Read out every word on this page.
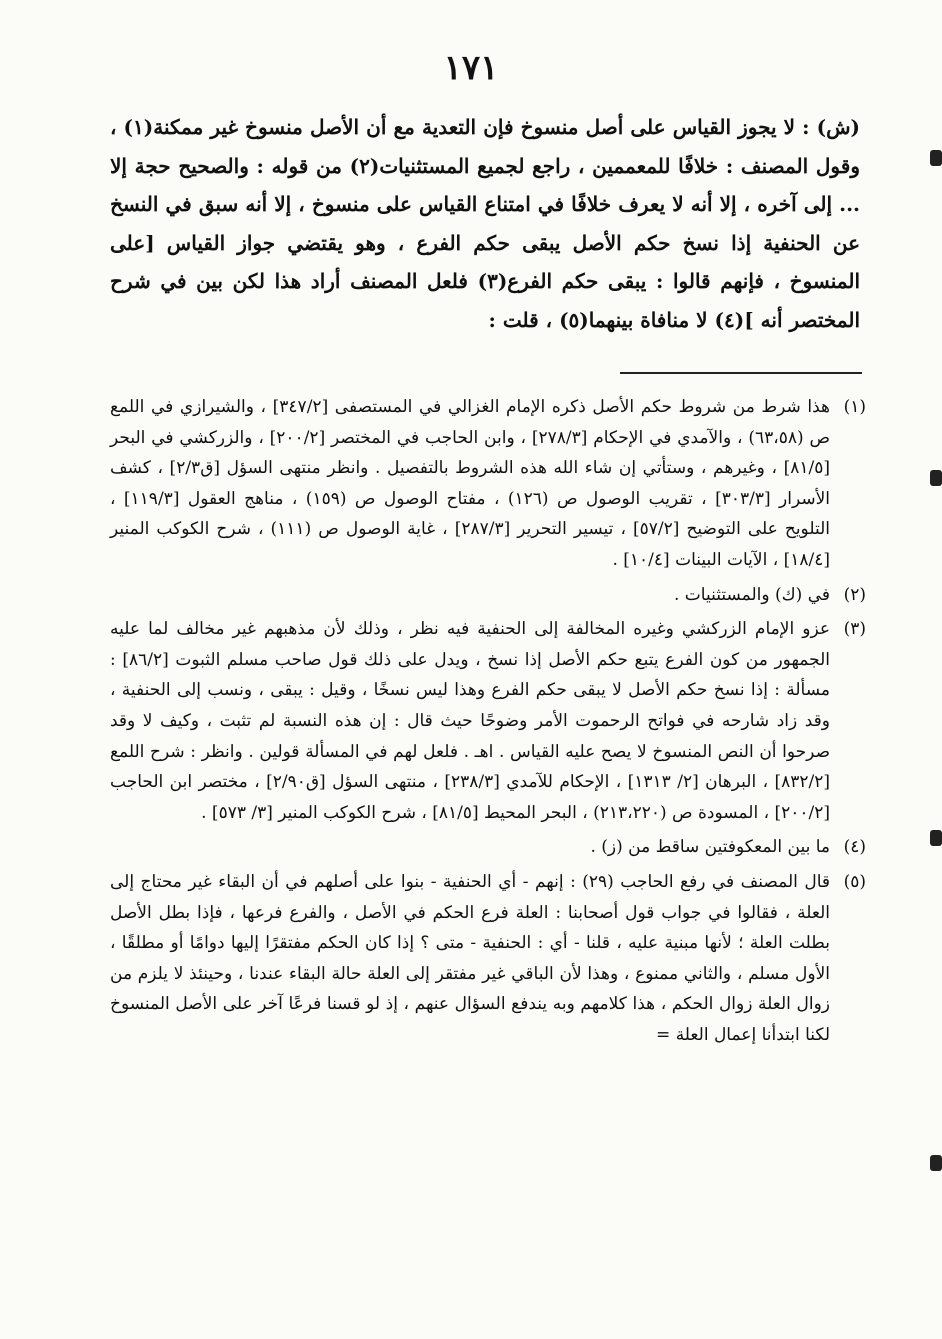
١٧١

(ش) : لا يجوز القياس على أصل منسوخ فإن التعدية مع أن الأصل منسوخ غير ممكنة(١) ، وقول المصنف : خلافًا للمعممين ، راجع لجميع المستثنيات(٢) من قوله : والصحيح حجة إلا ... إلى آخره ، إلا أنه لا يعرف خلافًا في امتناع القياس على منسوخ ، إلا أنه سبق في النسخ عن الحنفية إذا نسخ حكم الأصل يبقى حكم الفرع ، وهو يقتضي جواز القياس [على المنسوخ ، فإنهم قالوا : يبقى حكم الفرع(٣) فلعل المصنف أراد هذا لكن بين في شرح المختصر أنه ](٤) لا منافاة بينهما(٥) ، قلت :

(١)
هذا شرط من شروط حكم الأصل ذكره الإمام الغزالي في المستصفى [٣٤٧/٢] ، والشيرازي في اللمع ص (٦٣،٥٨) ، والآمدي في الإحكام [٢٧٨/٣] ، وابن الحاجب في المختصر [٢٠٠/٢] ، والزركشي في البحر [٨١/٥] ، وغيرهم ، وستأتي إن شاء الله هذه الشروط بالتفصيل . وانظر منتهى السؤل [ق٢/٣] ، كشف الأسرار [٣٠٣/٣] ، تقريب الوصول ص (١٢٦) ، مفتاح الوصول ص (١٥٩) ، مناهج العقول [١١٩/٣] ، التلويح على التوضيح [٥٧/٢] ، تيسير التحرير [٢٨٧/٣] ، غاية الوصول ص (١١١) ، شرح الكوكب المنير [١٨/٤] ، الآيات البينات [١٠/٤] .
(٢)
في (ك) والمستثنيات .
(٣)
عزو الإمام الزركشي وغيره المخالفة إلى الحنفية فيه نظر ، وذلك لأن مذهبهم غير مخالف لما عليه الجمهور من كون الفرع يتبع حكم الأصل إذا نسخ ، ويدل على ذلك قول صاحب مسلم الثبوت [٨٦/٢] : مسألة : إذا نسخ حكم الأصل لا يبقى حكم الفرع وهذا ليس نسخًا ، وقيل : يبقى ، ونسب إلى الحنفية ، وقد زاد شارحه في فواتح الرحموت الأمر وضوحًا حيث قال : إن هذه النسبة لم تثبت ، وكيف لا وقد صرحوا أن النص المنسوخ لا يصح عليه القياس . اهـ . فلعل لهم في المسألة قولين . وانظر : شرح اللمع [٨٣٢/٢] ، البرهان [٢/ ١٣١٣] ، الإحكام للآمدي [٢٣٨/٣] ، منتهى السؤل [ق٢/٩٠] ، مختصر ابن الحاجب [٢٠٠/٢] ، المسودة ص (٢١٣،٢٢٠) ، البحر المحيط [٨١/٥] ، شرح الكوكب المنير [٣/ ٥٧٣] .
(٤)
ما بين المعكوفتين ساقط من (ز) .
(٥)
قال المصنف في رفع الحاجب (٢٩) : إنهم - أي الحنفية - بنوا على أصلهم في أن البقاء غير محتاج إلى العلة ، فقالوا في جواب قول أصحابنا : العلة فرع الحكم في الأصل ، والفرع فرعها ، فإذا بطل الأصل بطلت العلة ؛ لأنها مبنية عليه ، قلنا - أي : الحنفية - متى ؟ إذا كان الحكم مفتقرًا إليها دوامًا أو مطلقًا ، الأول مسلم ، والثاني ممنوع ، وهذا لأن الباقي غير مفتقر إلى العلة حالة البقاء عندنا ، وحينئذ لا يلزم من زوال العلة زوال الحكم ، هذا كلامهم وبه يندفع السؤال عنهم ، إذ لو قسنا فرعًا آخر على الأصل المنسوخ لكنا ابتدأنا إعمال العلة =
